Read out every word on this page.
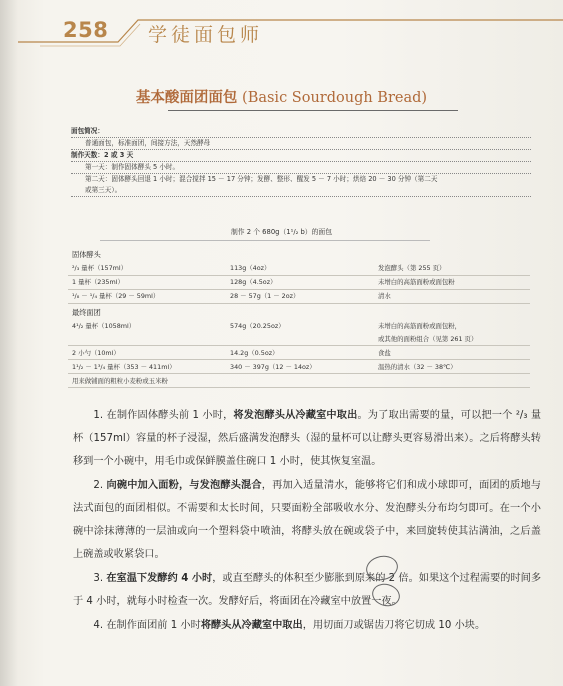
258 学徒面包师
基本酸面团面包 (Basic Sourdough Bread)
面包简况：
普通面包，标准面团，间接方法，天然酵母
制作天数：2 或 3 天
第一天：制作固体酵头 5 小时。
第二天：固体酵头回退 1 小时；混合搅拌 15 － 17 分钟；发酵、整形、醒发 5 － 7 小时；烘焙 20 － 30 分钟（第二天
或第三天）。
制作 2 个 680g（1¹/₂ b）的面包
固体酵头		
²/₃ 量杯（157ml）	113g（4oz）	发泡酵头（第 255 页）
1 量杯（235ml）	128g（4.5oz）	未增白的高筋面粉或面包粉
¹/₈ － ¹/₄ 量杯（29 － 59ml）	28 － 57g（1 － 2oz）	清水
最终面团		
4¹/₂ 量杯（1058ml）	574g（20.25oz）	未增白的高筋面粉或面包粉，
		或其他的面粉组合（见第 261 页）
2 小勺（10ml）	14.2g（0.5oz）	食盐
1¹/₂ － 1³/₄ 量杯（353 － 411ml）	340 － 397g（12 － 14oz）	温热的清水（32 － 38℃）
用来做铺面的粗粒小麦粉或玉米粉		

1. 在制作固体酵头前 1 小时，将发泡酵头从冷藏室中取出。为了取出需要的量，可以把一个 ²/₃ 量杯（157ml）容量的杯子浸湿，然后盛满发泡酵头（湿的量杯可以让酵头更容易滑出来）。之后将酵头转移到一个小碗中，用毛巾或保鲜膜盖住碗口 1 小时，使其恢复室温。

2. 向碗中加入面粉，与发泡酵头混合，再加入适量清水，能够将它们和成小球即可，面团的质地与法式面包的面团相似。不需要和太长时间，只要面粉全部吸收水分、发泡酵头分布均匀即可。在一个小碗中涂抹薄薄的一层油或向一个塑料袋中喷油，将酵头放在碗或袋子中，来回旋转使其沾满油，之后盖上碗盖或收紧袋口。

3. 在室温下发酵约 4 小时，或直至酵头的体积至少膨胀到原来的 2 倍。如果这个过程需要的时间多于 4 小时，就每小时检查一次。发酵好后，将面团在冷藏室中放置一夜。

4. 在制作面团前 1 小时将酵头从冷藏室中取出，用切面刀或锯齿刀将它切成 10 小块。
